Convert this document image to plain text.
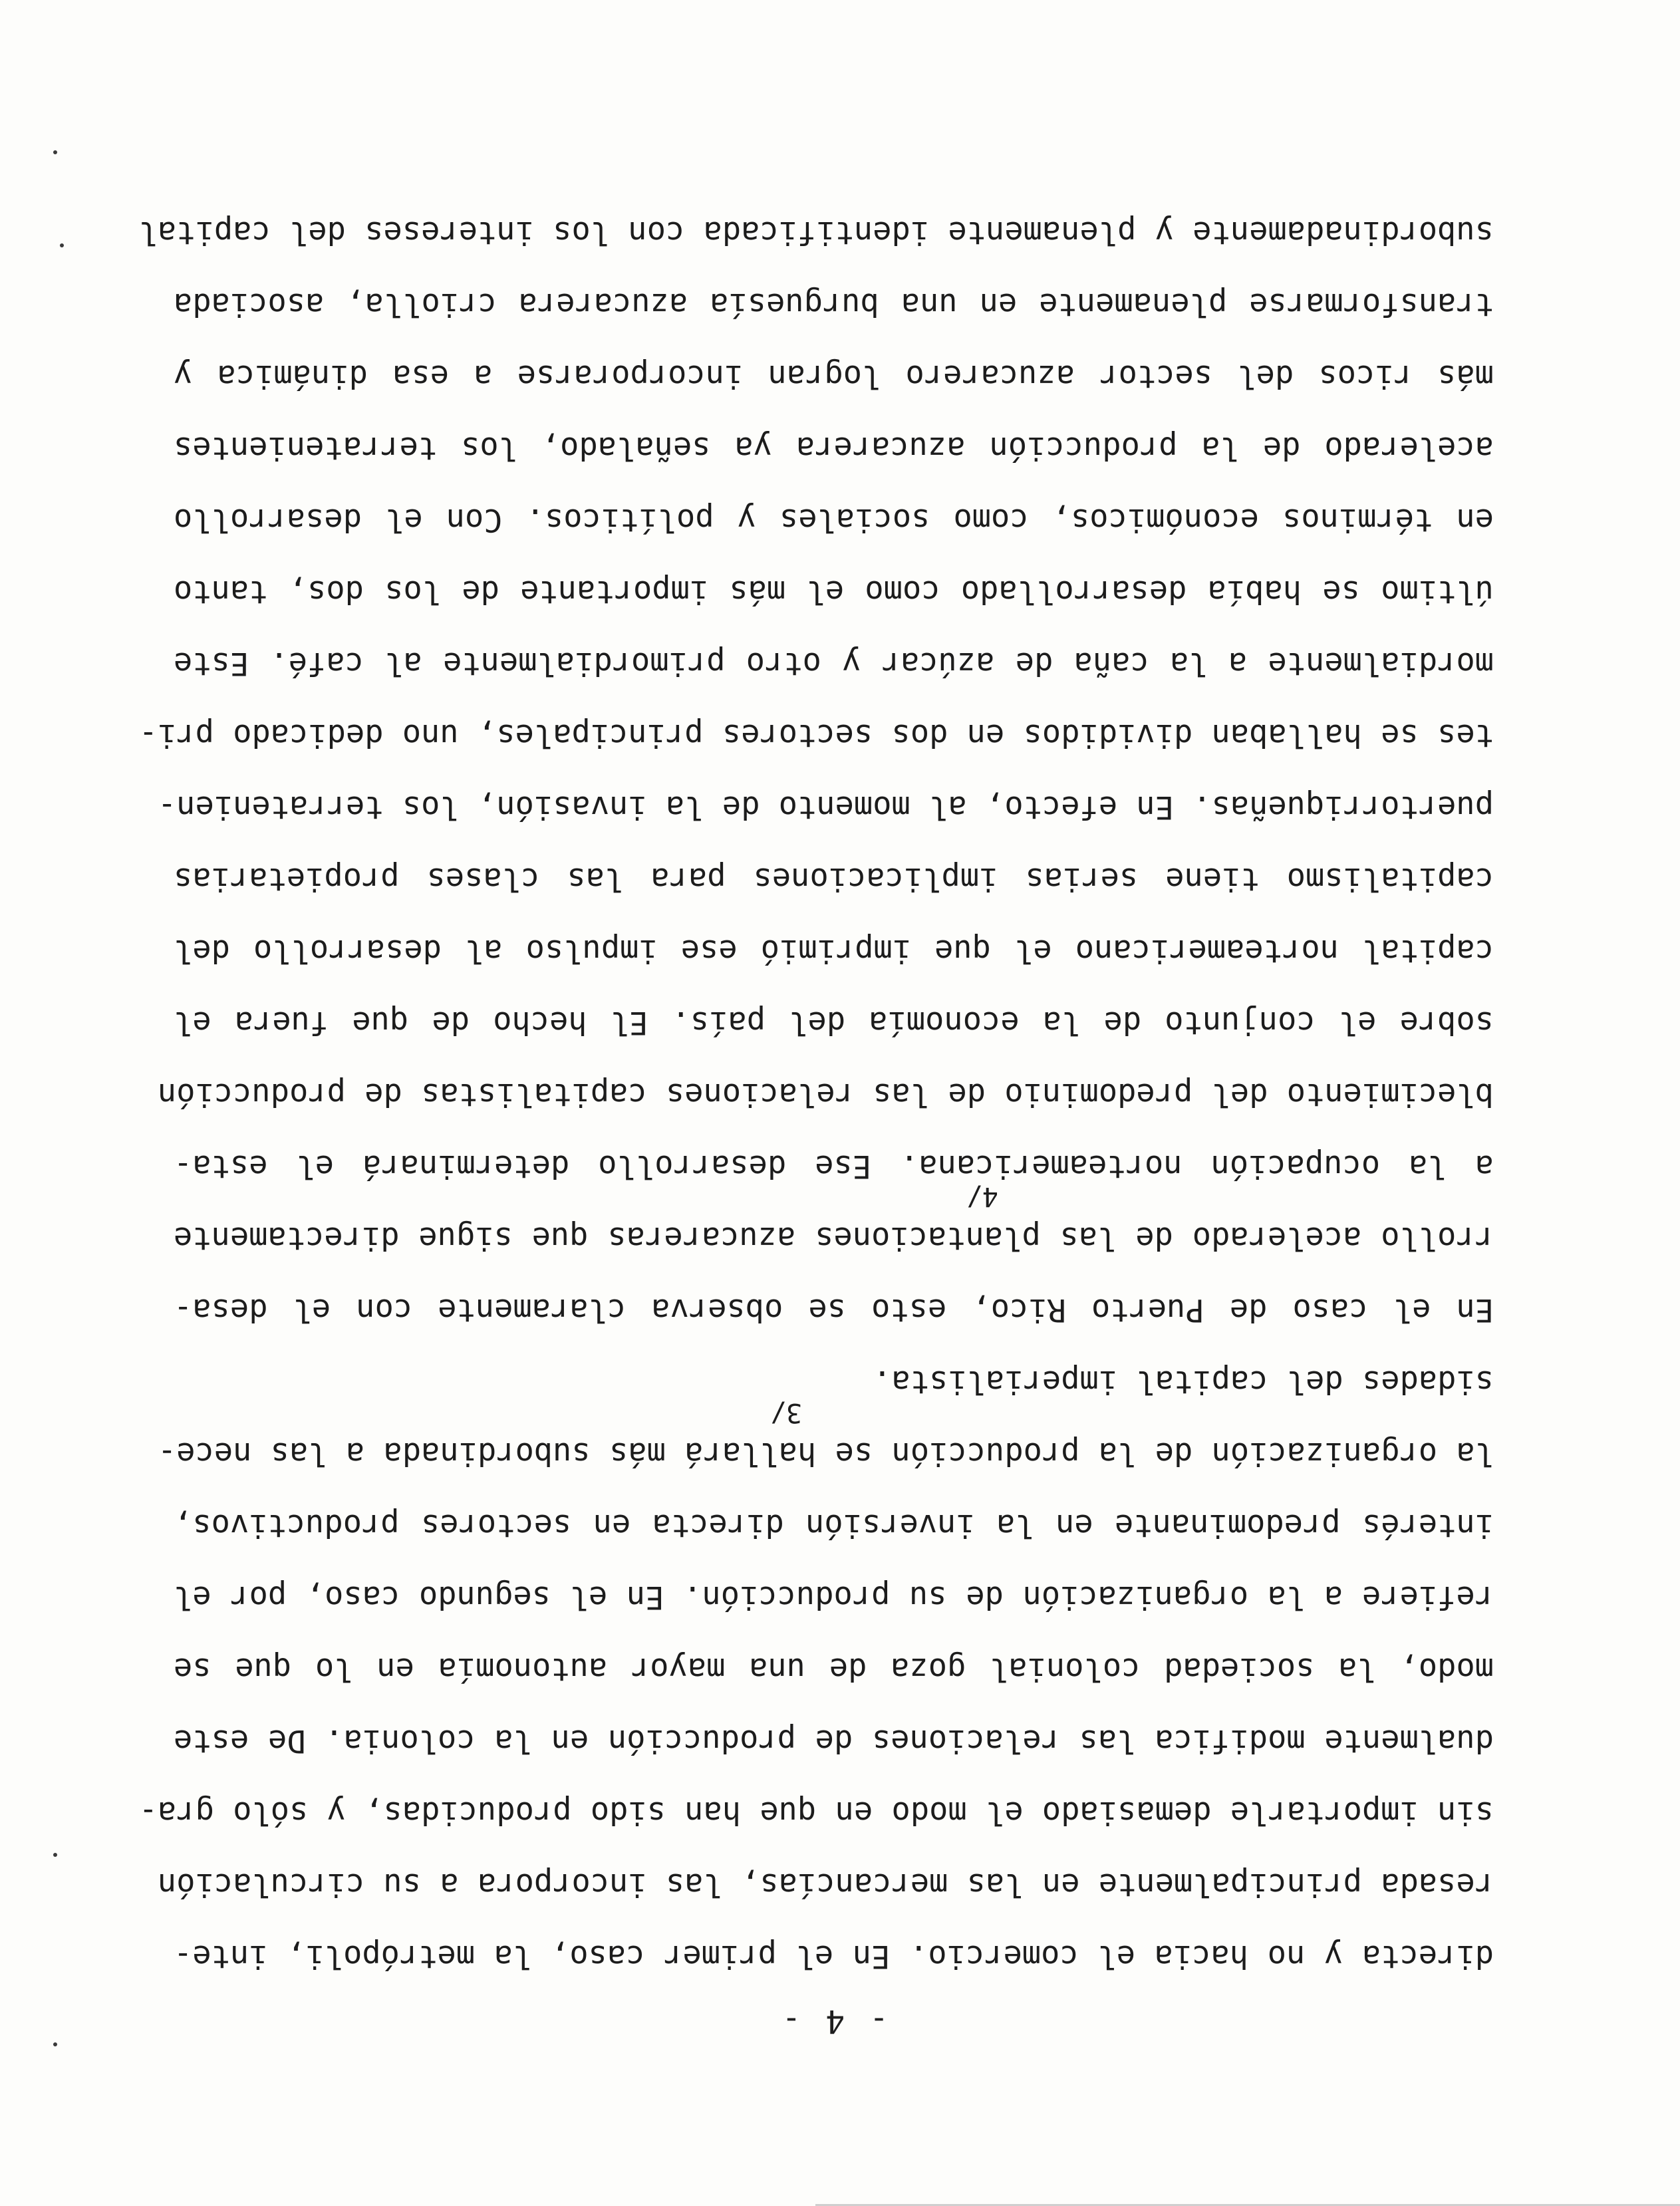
- 4 -
directa y no hacia el comercio. En el primer caso, la metrópoli, inte-
resada principalmente en las mercancías, las incorpora a su circulación
sin importarle demasiado el modo en que han sido producidas, y sólo gra-
dualmente modifica las relaciones de producción en la colonia. De este
modo, la sociedad colonial goza de una mayor autonomía en lo que se
refiere a la organización de su producción. En el segundo caso, por el
interés predominante en la inversión directa en sectores productivos,
la organización de la producción se hallará más subordinada a las nece-
sidades del capital imperialista.
En el caso de Puerto Rico, esto se observa claramente con el desa-
rrollo acelerado de las plantaciones azucareras que sigue directamente
a la ocupación norteamericana. Ese desarrollo determinará el esta-
blecimiento del predominio de las relaciones capitalistas de producción
sobre el conjunto de la economía del país. El hecho de que fuera el
capital norteamericano el que imprimió ese impulso al desarrollo del
capitalismo tiene serias implicaciones para las clases propietarias
puertorriqueñas. En efecto, al momento de la invasión, los terratenien-
tes se hallaban divididos en dos sectores principales, uno dedicado pri-
mordialmente a la caña de azúcar y otro primordialmente al café. Este
último se había desarrollado como el más importante de los dos, tanto
en términos económicos, como sociales y políticos. Con el desarrollo
acelerado de la producción azucarera ya señalado, los terratenientes
más ricos del sector azucarero logran incorporarse a esa dinámica y
transformarse plenamente en una burguesía azucarera criolla, asociada
subordinadamente y plenamente identificada con los intereses del capital
3/
4/
